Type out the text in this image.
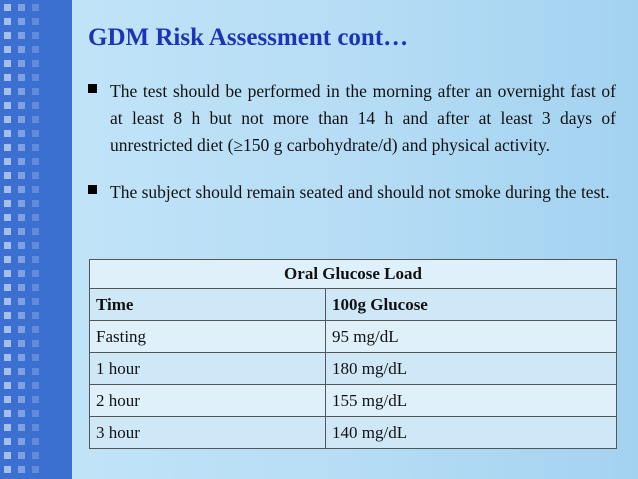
GDM Risk Assessment cont…
The test should be performed in the morning after an overnight fast of at least 8 h but not more than 14 h and after at least 3 days of unrestricted diet (≥150 g carbohydrate/d) and physical activity.
The subject should remain seated and should not smoke during the test.
Oral Glucose Load	
Time	100g Glucose
Fasting	95 mg/dL
1 hour	180 mg/dL
2 hour	155 mg/dL
3 hour	140 mg/dL
